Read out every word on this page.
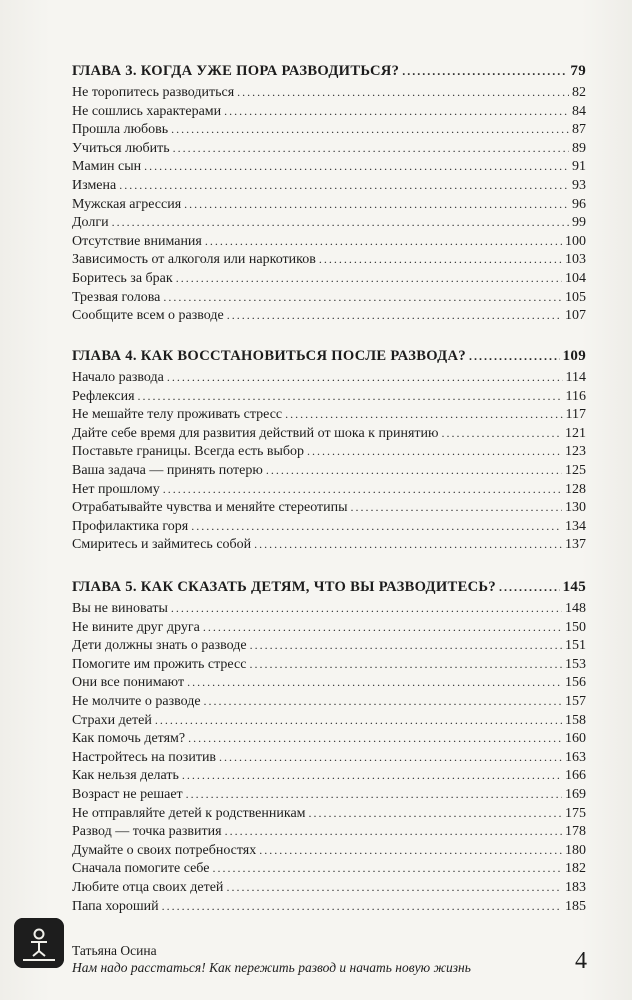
ГЛАВА 3. КОГДА УЖЕ ПОРА РАЗВОДИТЬСЯ? . . .	79
Не торопитесь разводиться . . .	82
Не сошлись характерами . . .	84
Прошла любовь . . .	87
Учиться любить . . .	89
Мамин сын . . .	91
Измена . . .	93
Мужская агрессия . . .	96
Долги . . .	99
Отсутствие внимания . . .	100
Зависимость от алкоголя или наркотиков . . .	103
Боритесь за брак . . .	104
Трезвая голова . . .	105
Сообщите всем о разводе . . .	107
ГЛАВА 4. КАК ВОССТАНОВИТЬСЯ ПОСЛЕ РАЗВОДА? . . .	109
Начало развода . . .	114
Рефлексия . . .	116
Не мешайте телу проживать стресс . . .	117
Дайте себе время для развития действий от шока к принятию . . .	121
Поставьте границы. Всегда есть выбор . . .	123
Ваша задача — принять потерю . . .	125
Нет прошлому . . .	128
Отрабатывайте чувства и меняйте стереотипы . . .	130
Профилактика горя . . .	134
Смиритесь и займитесь собой . . .	137
ГЛАВА 5. КАК СКАЗАТЬ ДЕТЯМ, ЧТО ВЫ РАЗВОДИТЕСЬ? . . .	145
Вы не виноваты . . .	148
Не вините друг друга . . .	150
Дети должны знать о разводе . . .	151
Помогите им прожить стресс . . .	153
Они все понимают . . .	156
Не молчите о разводе . . .	157
Страхи детей . . .	158
Как помочь детям? . . .	160
Настройтесь на позитив . . .	163
Как нельзя делать . . .	166
Возраст не решает . . .	169
Не отправляйте детей к родственникам . . .	175
Развод — точка развития . . .	178
Думайте о своих потребностях . . .	180
Сначала помогите себе . . .	182
Любите отца своих детей . . .	183
Папа хороший . . .	185
Татьяна Осина
Нам надо расстаться! Как пережить развод и начать новую жизнь	4
